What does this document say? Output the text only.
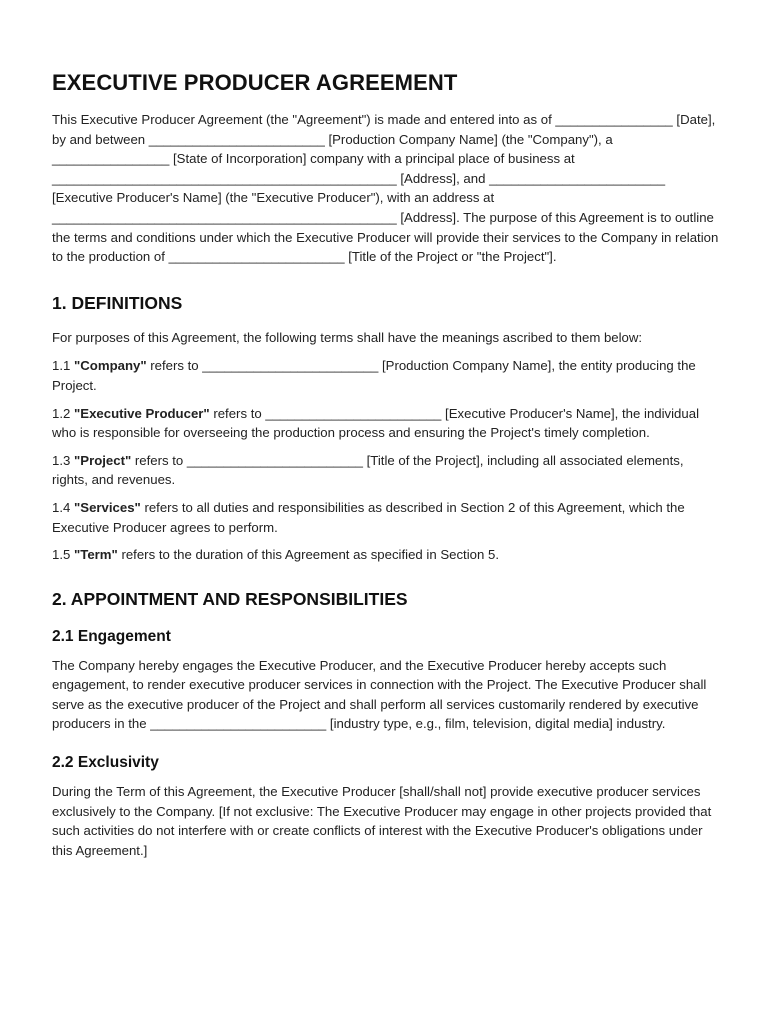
EXECUTIVE PRODUCER AGREEMENT

This Executive Producer Agreement (the "Agreement") is made and entered into as of ________________ [Date], by and between ________________________ [Production Company Name] (the "Company"), a ________________ [State of Incorporation] company with a principal place of business at _______________________________________________ [Address], and ________________________ [Executive Producer's Name] (the "Executive Producer"), with an address at _______________________________________________ [Address]. The purpose of this Agreement is to outline the terms and conditions under which the Executive Producer will provide their services to the Company in relation to the production of ________________________ [Title of the Project or "the Project"].

1. DEFINITIONS

For purposes of this Agreement, the following terms shall have the meanings ascribed to them below:

1.1 "Company" refers to ________________________ [Production Company Name], the entity producing the Project.

1.2 "Executive Producer" refers to ________________________ [Executive Producer's Name], the individual who is responsible for overseeing the production process and ensuring the Project's timely completion.

1.3 "Project" refers to ________________________ [Title of the Project], including all associated elements, rights, and revenues.

1.4 "Services" refers to all duties and responsibilities as described in Section 2 of this Agreement, which the Executive Producer agrees to perform.

1.5 "Term" refers to the duration of this Agreement as specified in Section 5.

2. APPOINTMENT AND RESPONSIBILITIES
2.1 Engagement

The Company hereby engages the Executive Producer, and the Executive Producer hereby accepts such engagement, to render executive producer services in connection with the Project. The Executive Producer shall serve as the executive producer of the Project and shall perform all services customarily rendered by executive producers in the ________________________ [industry type, e.g., film, television, digital media] industry.

2.2 Exclusivity

During the Term of this Agreement, the Executive Producer [shall/shall not] provide executive producer services exclusively to the Company. [If not exclusive: The Executive Producer may engage in other projects provided that such activities do not interfere with or create conflicts of interest with the Executive Producer's obligations under this Agreement.]
